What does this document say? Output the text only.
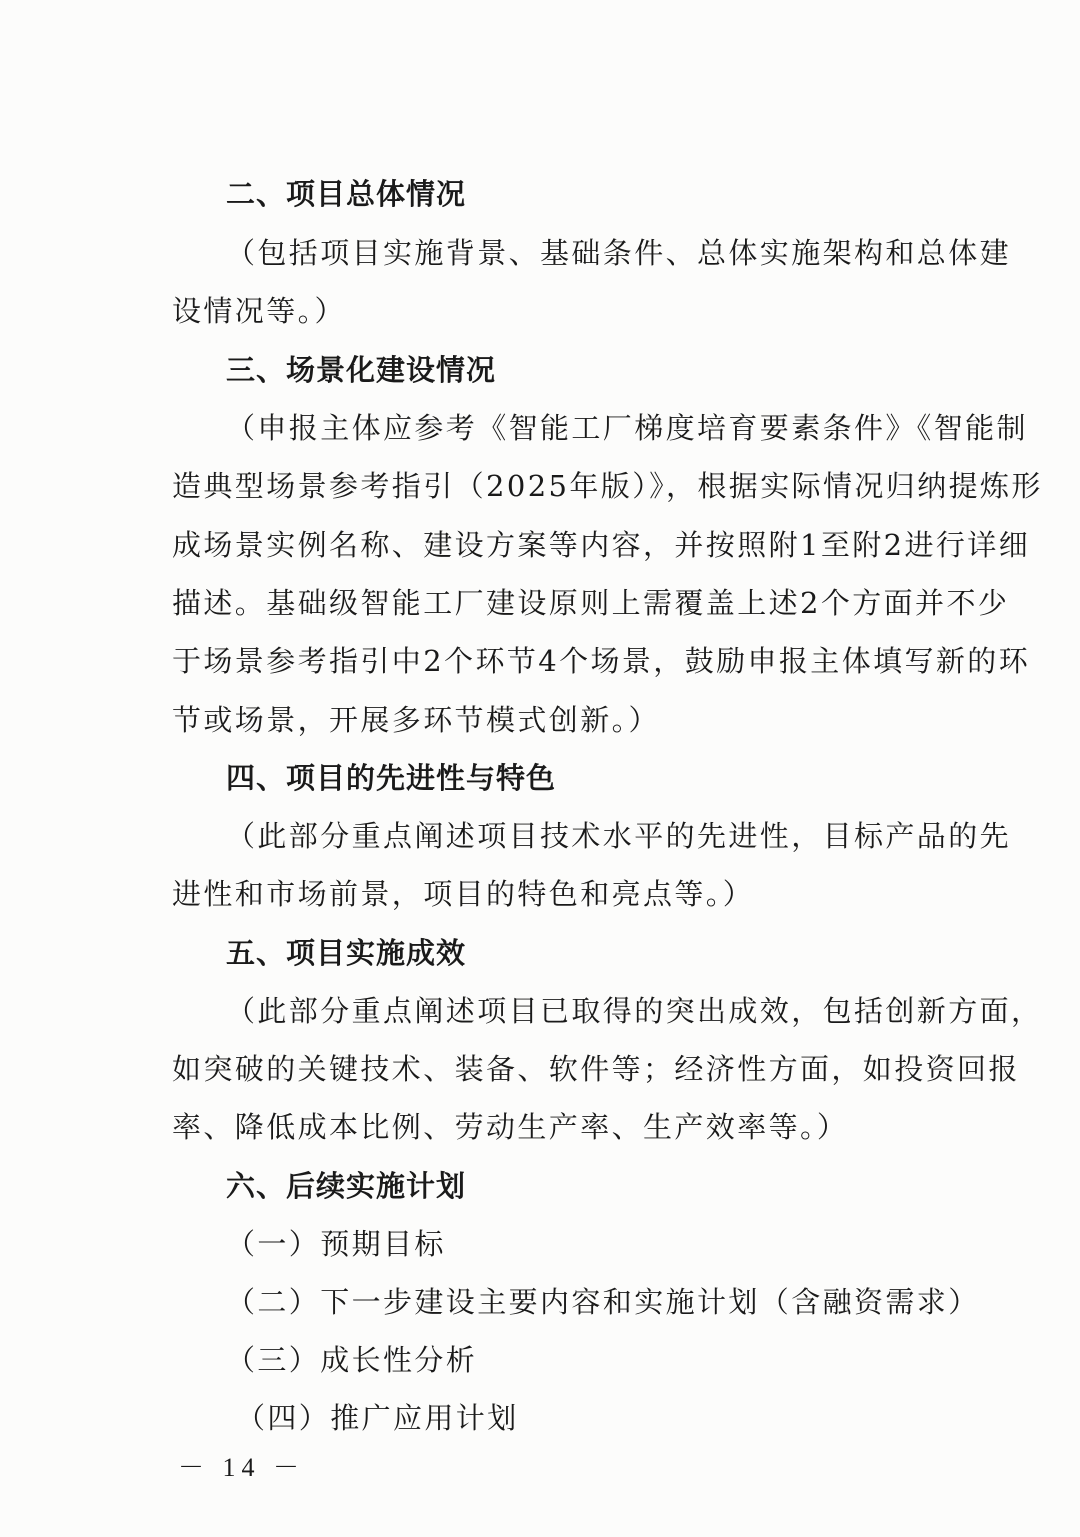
二、项目总体情况
（包括项目实施背景、基础条件、总体实施架构和总体建
设情况等。）
三、场景化建设情况
（申报主体应参考《智能工厂梯度培育要素条件》《智能制
造典型场景参考指引（2025年版）》，根据实际情况归纳提炼形
成场景实例名称、建设方案等内容，并按照附1至附2进行详细
描述。基础级智能工厂建设原则上需覆盖上述2个方面并不少
于场景参考指引中2个环节4个场景，鼓励申报主体填写新的环
节或场景，开展多环节模式创新。）
四、项目的先进性与特色
（此部分重点阐述项目技术水平的先进性，目标产品的先
进性和市场前景，项目的特色和亮点等。）
五、项目实施成效
（此部分重点阐述项目已取得的突出成效，包括创新方面，
如突破的关键技术、装备、软件等；经济性方面，如投资回报
率、降低成本比例、劳动生产率、生产效率等。）
六、后续实施计划
（一）预期目标
（二）下一步建设主要内容和实施计划（含融资需求）
（三）成长性分析
（四）推广应用计划
－ 14 －
